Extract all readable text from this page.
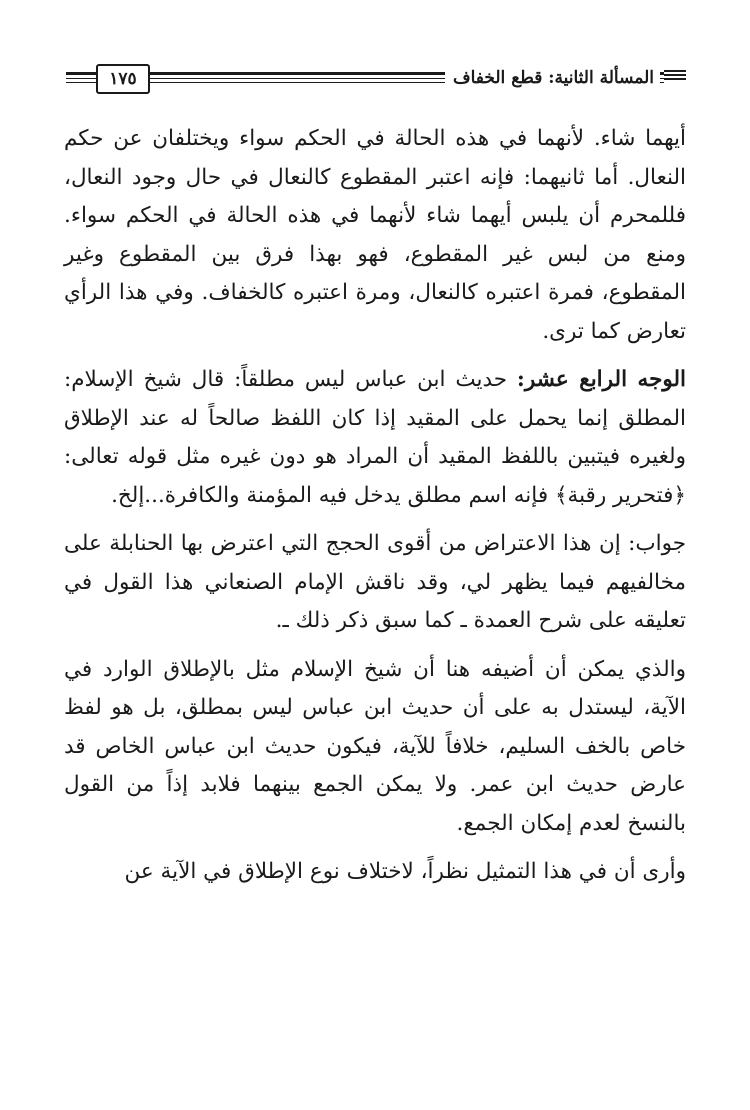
المسألة الثانية: قطع الخفاف
١٧٥

أيهما شاء. لأنهما في هذه الحالة في الحكم سواء ويختلفان عن حكم النعال. أما ثانيهما: فإنه اعتبر المقطوع كالنعال في حال وجود النعال، فللمحرم أن يلبس أيهما شاء لأنهما في هذه الحالة في الحكم سواء. ومنع من لبس غير المقطوع، فهو بهذا فرق بين المقطوع وغير المقطوع، فمرة اعتبره كالنعال، ومرة اعتبره كالخفاف. وفي هذا الرأي تعارض كما ترى.

الوجه الرابع عشر: حديث ابن عباس ليس مطلقاً: قال شيخ الإسلام: المطلق إنما يحمل على المقيد إذا كان اللفظ صالحاً له عند الإطلاق ولغيره فيتبين باللفظ المقيد أن المراد هو دون غيره مثل قوله تعالى:﴿فتحرير رقبة﴾ فإنه اسم مطلق يدخل فيه المؤمنة والكافرة...إلخ.

جواب: إن هذا الاعتراض من أقوى الحجج التي اعترض بها الحنابلة على مخالفيهم فيما يظهر لي، وقد ناقش الإمام الصنعاني هذا القول في تعليقه على شرح العمدة ـ كما سبق ذكر ذلك ـ.

والذي يمكن أن أضيفه هنا أن شيخ الإسلام مثل بالإطلاق الوارد في الآية، ليستدل به على أن حديث ابن عباس ليس بمطلق، بل هو لفظ خاص بالخف السليم، خلافاً للآية، فيكون حديث ابن عباس الخاص قد عارض حديث ابن عمر. ولا يمكن الجمع بينهما فلابد إذاً من القول بالنسخ لعدم إمكان الجمع.

وأرى أن في هذا التمثيل نظراً، لاختلاف نوع الإطلاق في الآية عن
